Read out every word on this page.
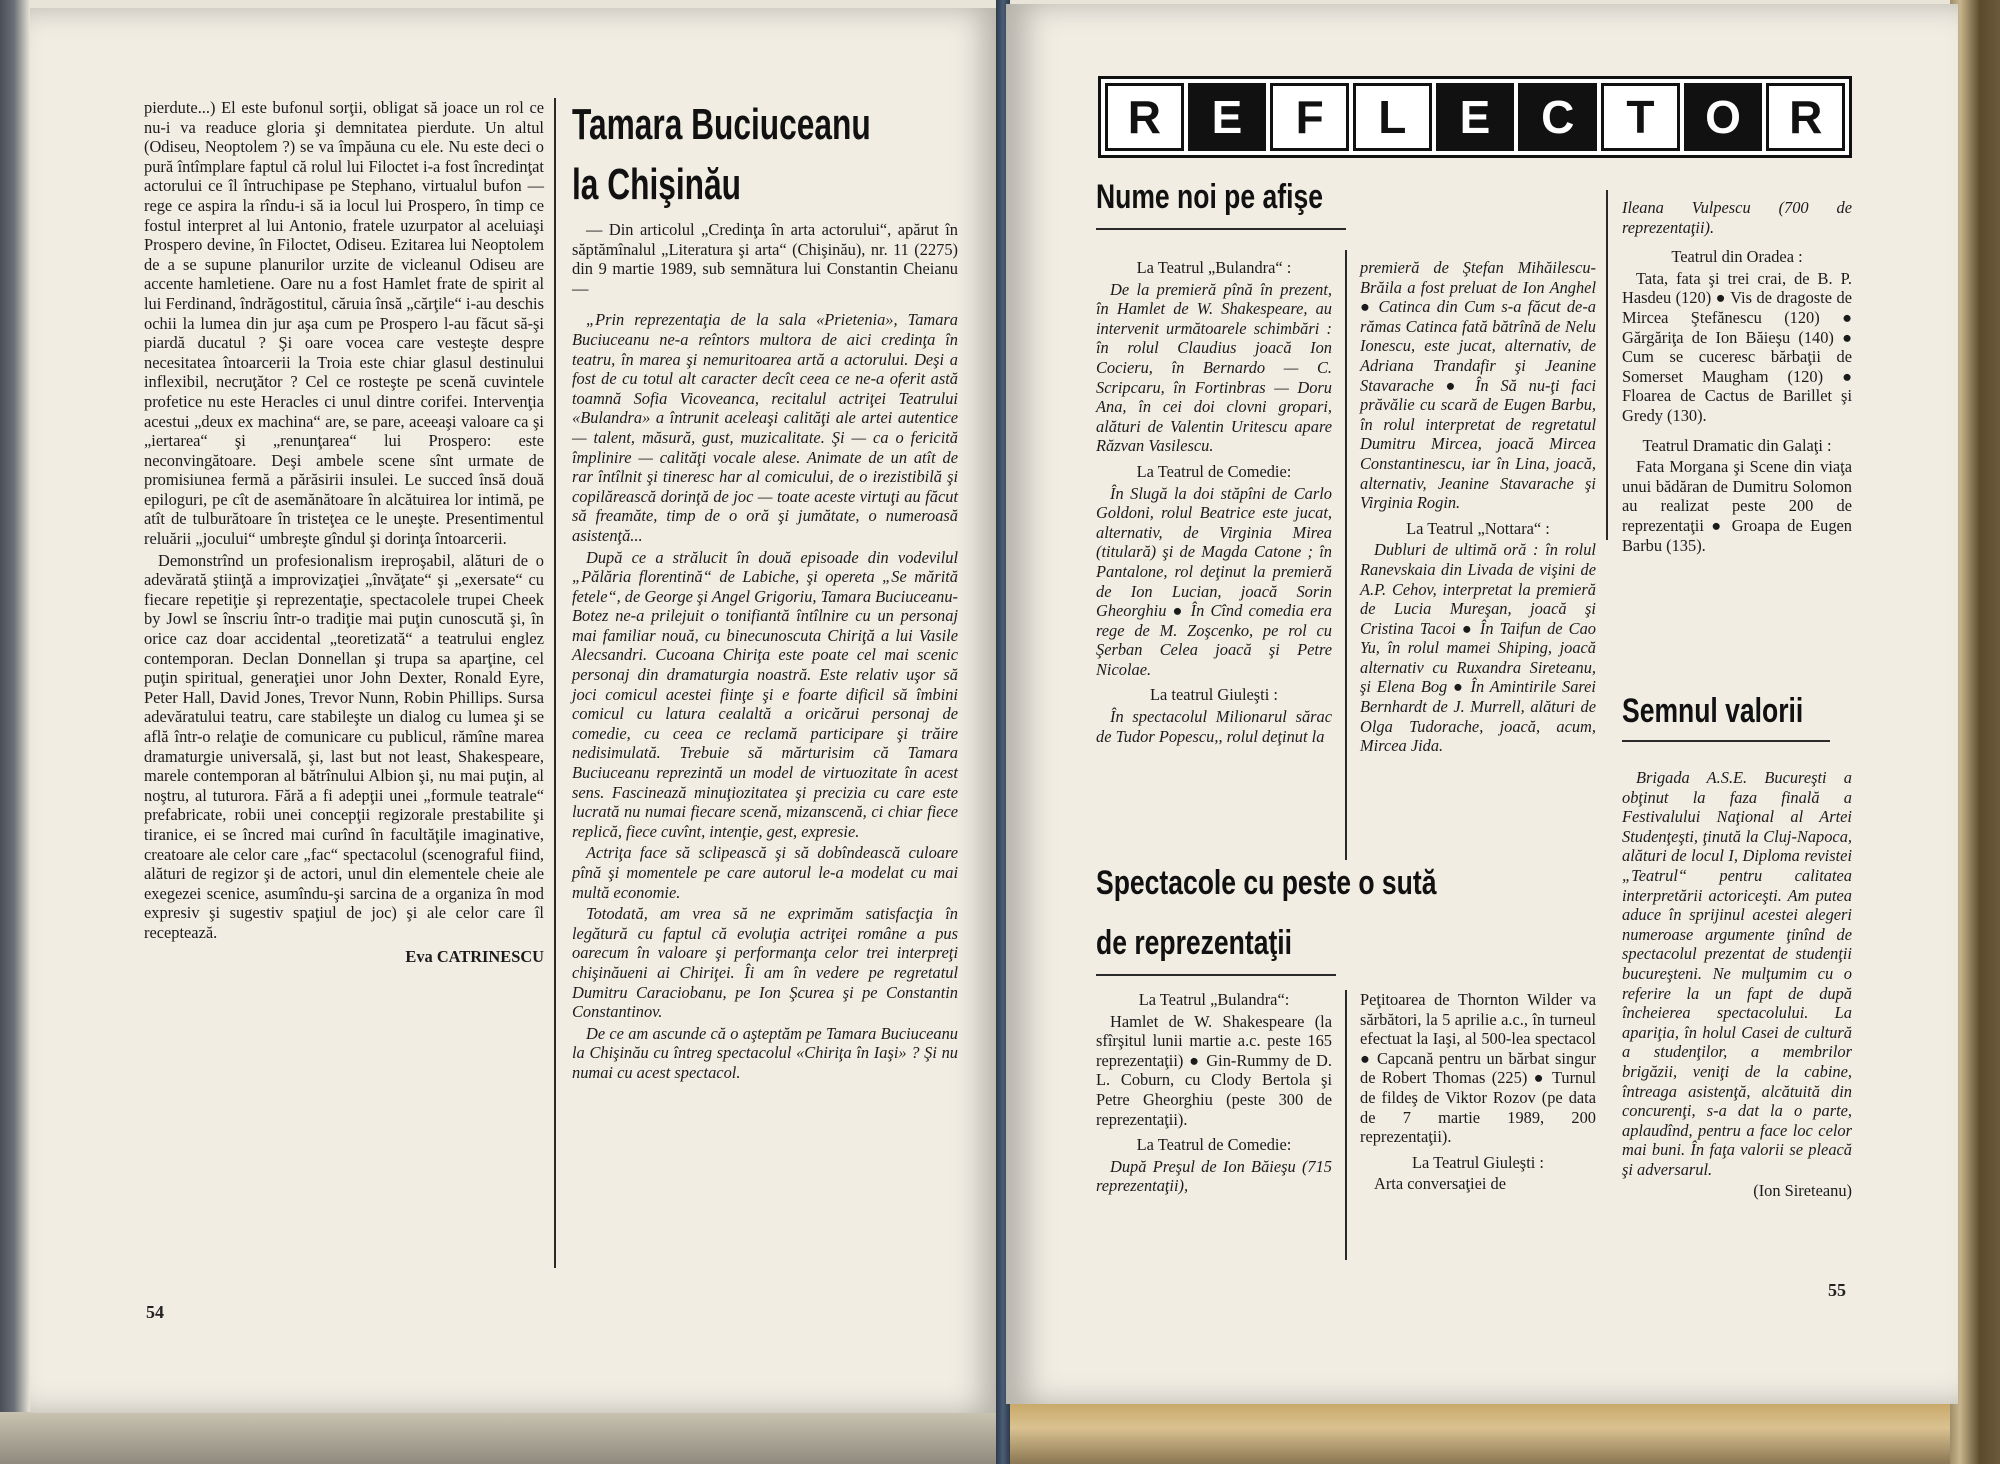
pierdute...) El este bufonul sorţii, obligat să joace un rol ce nu-i va readuce gloria şi demnitatea pierdute. Un altul (Odiseu, Neoptolem ?) se va împăuna cu ele. Nu este deci o pură întîmplare faptul că rolul lui Filoctet i-a fost încredinţat actorului ce îl întruchipase pe Stephano, virtualul bufon — rege ce aspira la rîndu-i să ia locul lui Prospero, în timp ce fostul interpret al lui Antonio, fratele uzurpator al aceluiaşi Prospero devine, în Filoctet, Odiseu. Ezitarea lui Neoptolem de a se supune planurilor urzite de vicleanul Odiseu are accente hamletiene. Oare nu a fost Hamlet frate de spirit al lui Ferdinand, îndrăgostitul, căruia însă „cărţile“ i-au deschis ochii la lumea din jur aşa cum pe Prospero l-au făcut să-şi piardă ducatul ? Şi oare vocea care vesteşte despre necesitatea întoarcerii la Troia este chiar glasul destinului inflexibil, necruţător ? Cel ce rosteşte pe scenă cuvintele profetice nu este Heracles ci unul dintre corifei. Intervenţia acestui „deux ex machina“ are, se pare, aceeaşi valoare ca şi „iertarea“ şi „renunţarea“ lui Prospero: este neconvingătoare. Deşi ambele scene sînt urmate de promisiunea fermă a părăsirii insulei. Le succed însă două epiloguri, pe cît de asemănătoare în alcătuirea lor intimă, pe atît de tulburătoare în tristeţea ce le uneşte. Presentimentul reluării „jocului“ umbreşte gîndul şi dorinţa întoarcerii.

Demonstrînd un profesionalism ireproşabil, alături de o adevărată ştiinţă a improvizaţiei „învăţate“ şi „exersate“ cu fiecare repetiţie şi reprezentaţie, spectacolele trupei Cheek by Jowl se înscriu într-o tradiţie mai puţin cunoscută şi, în orice caz doar accidental „teoretizată“ a teatrului englez contemporan. Declan Donnellan şi trupa sa aparţine, cel puţin spiritual, generaţiei unor John Dexter, Ronald Eyre, Peter Hall, David Jones, Trevor Nunn, Robin Phillips. Sursa adevăratului teatru, care stabileşte un dialog cu lumea şi se află într-o relaţie de comunicare cu publicul, rămîne marea dramaturgie universală, şi, last but not least, Shakespeare, marele contemporan al bătrînului Albion şi, nu mai puţin, al noştru, al tuturora. Fără a fi adepţii unei „formule teatrale“ prefabricate, robii unei concepţii regizorale prestabilite şi tiranice, ei se încred mai curînd în facultăţile imaginative, creatoare ale celor care „fac“ spectacolul (scenograful fiind, alături de regizor şi de actori, unul din elementele cheie ale exegezei scenice, asumîndu-şi sarcina de a organiza în mod expresiv şi sugestiv spaţiul de joc) şi ale celor care îl receptează.

Eva CATRINESCU
Tamara Buciuceanu
la Chişinău

— Din articolul „Credinţa în arta actorului“, apărut în săptămînalul „Literatura şi arta“ (Chişinău), nr. 11 (2275) din 9 martie 1989, sub semnătura lui Constantin Cheianu —

„Prin reprezentaţia de la sala «Prietenia», Tamara Buciuceanu ne-a reîntors multora de aici credinţa în teatru, în marea şi nemuritoarea artă a actorului. Deşi a fost de cu totul alt caracter decît ceea ce ne-a oferit astă toamnă Sofia Vicoveanca, recitalul actriţei Teatrului «Bulandra» a întrunit aceleaşi calităţi ale artei autentice — talent, măsură, gust, muzicalitate. Şi — ca o fericită împlinire — calităţi vocale alese. Animate de un atît de rar întîlnit şi tineresc har al comicului, de o irezistibilă şi copilărească dorinţă de joc — toate aceste virtuţi au făcut să freamăte, timp de o oră şi jumătate, o numeroasă asistenţă...

După ce a strălucit în două episoade din vodevilul „Pălăria florentină“ de Labiche, şi opereta „Se mărită fetele“, de George şi Angel Grigoriu, Tamara Buciuceanu-Botez ne-a prilejuit o tonifiantă întîlnire cu un personaj mai familiar nouă, cu binecunoscuta Chiriţă a lui Vasile Alecsandri. Cucoana Chiriţa este poate cel mai scenic personaj din dramaturgia noastră. Este relativ uşor să joci comicul acestei fiinţe şi e foarte dificil să îmbini comicul cu latura cealaltă a oricărui personaj de comedie, cu ceea ce reclamă participare şi trăire nedisimulată. Trebuie să mărturisim că Tamara Buciuceanu reprezintă un model de virtuozitate în acest sens. Fascinează minuţiozitatea şi precizia cu care este lucrată nu numai fiecare scenă, mizanscenă, ci chiar fiece replică, fiece cuvînt, intenţie, gest, expresie.

Actriţa face să sclipească şi să dobîndească culoare pînă şi momentele pe care autorul le-a modelat cu mai multă economie.

Totodată, am vrea să ne exprimăm satisfacţia în legătură cu faptul că evoluţia actriţei române a pus oarecum în valoare şi performanţa celor trei interpreţi chişinăueni ai Chiriţei. Îi am în vedere pe regretatul Dumitru Caraciobanu, pe Ion Şcurea şi pe Constantin Constantinov.

De ce am ascunde că o aşteptăm pe Tamara Buciuceanu la Chişinău cu întreg spectacolul «Chiriţa în Iaşi» ? Şi nu numai cu acest spectacol.

54
R	E	F	L	E	C	T	O	R
Nume noi pe afişe

La Teatrul „Bulandra“ :

De la premieră pînă în prezent, în Hamlet de W. Shakespeare, au intervenit următoarele schimbări : în rolul Claudius joacă Ion Cocieru, în Bernardo — C. Scripcaru, în Fortinbras — Doru Ana, în cei doi clovni gropari, alături de Valentin Uritescu apare Răzvan Vasilescu.

La Teatrul de Comedie:

În Slugă la doi stăpîni de Carlo Goldoni, rolul Beatrice este jucat, alternativ, de Virginia Mirea (titulară) şi de Magda Catone ; în Pantalone, rol deţinut la premieră de Ion Lucian, joacă Sorin Gheorghiu ● În Cînd comedia era rege de M. Zoşcenko, pe rol cu Şerban Celea joacă şi Petre Nicolae.

La teatrul Giuleşti :

În spectacolul Milionarul sărac de Tudor Popescu,, rolul deţinut la

premieră de Ştefan Mihăilescu-Brăila a fost preluat de Ion Anghel ● Catinca din Cum s-a făcut de-a rămas Catinca fată bătrînă de Nelu Ionescu, este jucat, alternativ, de Adriana Trandafir şi Jeanine Stavarache ● În Să nu-ţi faci prăvălie cu scară de Eugen Barbu, în rolul interpretat de regretatul Dumitru Mircea, joacă Mircea Constantinescu, iar în Lina, joacă, alternativ, Jeanine Stavarache şi Virginia Rogin.

La Teatrul „Nottara“ :

Dubluri de ultimă oră : în rolul Ranevskaia din Livada de vişini de A.P. Cehov, interpretat la premieră de Lucia Mureşan, joacă şi Cristina Tacoi ● În Taifun de Cao Yu, în rolul mamei Shiping, joacă alternativ cu Ruxandra Sireteanu, şi Elena Bog ● În Amintirile Sarei Bernhardt de J. Murrell, alături de Olga Tudorache, joacă, acum, Mircea Jida.

Spectacole cu peste o sută
de reprezentaţii

La Teatrul „Bulandra“:

Hamlet de W. Shakespeare (la sfîrşitul lunii martie a.c. peste 165 reprezentaţii) ● Gin-Rummy de D. L. Coburn, cu Clody Bertola şi Petre Gheorghiu (peste 300 de reprezentaţii).

La Teatrul de Comedie:

După Preşul de Ion Băieşu (715 reprezentaţii),

Peţitoarea de Thornton Wilder va sărbători, la 5 aprilie a.c., în turneul efectuat la Iaşi, al 500-lea spectacol ● Capcană pentru un bărbat singur de Robert Thomas (225) ● Turnul de fildeş de Viktor Rozov (pe data de 7 martie 1989, 200 reprezentaţii).

La Teatrul Giuleşti :

Arta conversaţiei de

Ileana Vulpescu (700 de reprezentaţii).

Teatrul din Oradea :

Tata, fata şi trei crai, de B. P. Hasdeu (120) ● Vis de dragoste de Mircea Ştefănescu (120) ● Gărgăriţa de Ion Băieşu (140) ● Cum se cuceresc bărbaţii de Somerset Maugham (120) ● Floarea de Cactus de Barillet şi Gredy (130).

Teatrul Dramatic din Galaţi :

Fata Morgana şi Scene din viaţa unui bădăran de Dumitru Solomon au realizat peste 200 de reprezentaţii ● Groapa de Eugen Barbu (135).

Semnul valorii

Brigada A.S.E. Bucureşti a obţinut la faza finală a Festivalului Naţional al Artei Studenţeşti, ţinută la Cluj-Napoca, alături de locul I, Diploma revistei „Teatrul“ pentru calitatea interpretării actoriceşti. Am putea aduce în sprijinul acestei alegeri numeroase argumente ţinînd de spectacolul prezentat de studenţii bucureşteni. Ne mulţumim cu o referire la un fapt de după încheierea spectacolului. La apariţia, în holul Casei de cultură a studenţilor, a membrilor brigăzii, veniţi de la cabine, întreaga asistenţă, alcătuită din concurenţi, s-a dat la o parte, aplaudînd, pentru a face loc celor mai buni. În faţa valorii se pleacă şi adversarul.

(Ion Sireteanu)

55
